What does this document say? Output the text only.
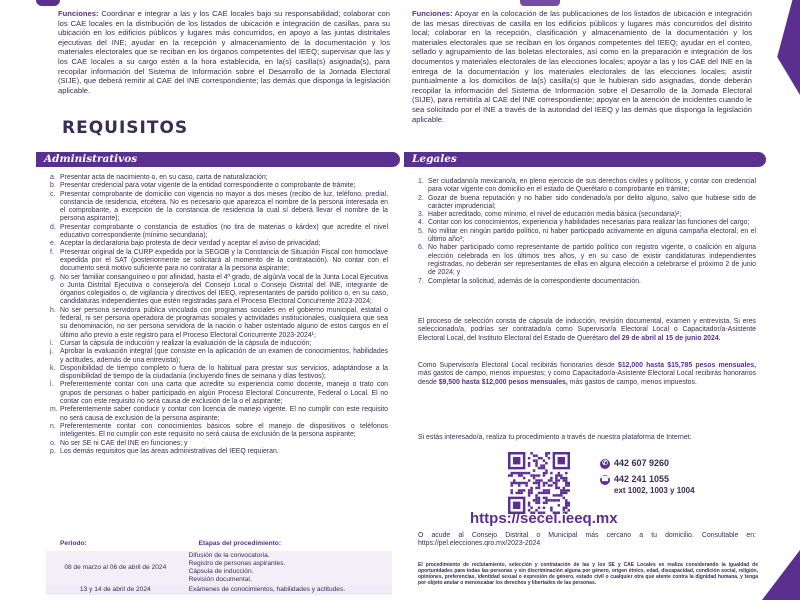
Funciones: Coordinar e integrar a las y los CAE locales bajo su responsabilidad; colaborar con los CAE locales en la distribución de los listados de ubicación e integración de casillas, para su ubicación en los edificios públicos y lugares más concurridos, en apoyo a las juntas distritales ejecutivas del INE; ayudar en la recepción y almacenamiento de la documentación y los materiales electorales que se reciban en los órganos competentes del IEEQ; supervisar que las y los CAE locales a su cargo estén a la hora establecida, en la(s) casilla(s) asignada(s), para recopilar información del Sistema de Información sobre el Desarrollo de la Jornada Electoral (SIJE), que deberá remitir al CAE del INE correspondiente; las demás que disponga la legislación aplicable.
Funciones: Apoyar en la colocación de las publicaciones de los listados de ubicación e integración de las mesas directivas de casilla en los edificios públicos y lugares más concurridos del distrito local; colaborar en la recepción, clasificación y almacenamiento de la documentación y los materiales electorales que se reciban en los órganos competentes del IEEQ; ayudar en el conteo, sellado y agrupamiento de las boletas electorales, así como en la preparación e integración de los documentos y materiales electorales de las elecciones locales; apoyar a las y los CAE del INE en la entrega de la documentación y los materiales electorales de las elecciones locales; asistir puntualmente a los domicilios de la(s) casilla(s) que le hubieran sido asignadas, donde deberán recopilar la información del Sistema de Información sobre el Desarrollo de la Jornada Electoral (SIJE), para remitirla al CAE del INE correspondiente; apoyar en la atención de incidentes cuando le sea solicitado por el INE a través de la autoridad del IEEQ y las demás que disponga la legislación aplicable.
REQUISITOS
Administrativos	Legales
a. Presentar acta de nacimiento o, en su caso, carta de naturalización;
b. Presentar credencial para votar vigente de la entidad correspondiente o comprobante de trámite;
c. Presentar comprobante de domicilio con vigencia no mayor a dos meses (recibo de luz, teléfono, predial, constancia de residencia, etcétera. No es necesario que aparezca el nombre de la persona interesada en el comprobante, a excepción de la constancia de residencia la cual sí deberá llevar el nombre de la persona aspirante);
d. Presentar comprobante o constancia de estudios (no tira de materias o kárdex) que acredite el nivel educativo correspondiente (mínimo secundaria);
e. Aceptar la declaratoria bajo protesta de decir verdad y aceptar el aviso de privacidad;
f. Presentar original de la CURP expedida por la SEGOB y la Constancia de Situación Fiscal con homoclave expedida por el SAT (posteriormente se solicitará al momento de la contratación). No contar con el documento será motivo suficiente para no contratar a la persona aspirante;
g. No ser familiar consanguíneo o por afinidad, hasta el 4º grado, de algún/a vocal de la Junta Local Ejecutiva o Junta Distrital Ejecutiva o consejero/a del Consejo Local o Consejo Distrital del INE, integrante de órganos colegiados o, de vigilancia y directivos del IEEQ, representantes de partido político o, en su caso, candidaturas independientes que estén registradas para el Proceso Electoral Concurrente 2023-2024;
h. No ser persona servidora pública vinculada con programas sociales en el gobierno municipal, estatal o federal, ni ser persona operadora de programas sociales y actividades institucionales, cualquiera que sea su denominación, no ser persona servidora de la nación o haber ostentado alguno de estos cargos en el último año previo a este registro para el Proceso Electoral Concurrente 2023-2024¹;
i. Cursar la cápsula de inducción y realizar la evaluación de la cápsula de inducción;
j. Aprobar la evaluación integral (que consiste en la aplicación de un examen de conocimientos, habilidades y actitudes, además de una entrevista);
k. Disponibilidad de tiempo completo o fuera de lo habitual para prestar sus servicios, adaptándose a la disponibilidad de tiempo de la ciudadanía (incluyendo fines de semana y días festivos);
l. Preferentemente contar con una carta que acredite su experiencia como docente, manejo o trato con grupos de personas o haber participado en algún Proceso Electoral Concurrente, Federal o Local. El no contar con este requisito no será causa de exclusión de la o el aspirante;
m. Preferentemente saber conducir y contar con licencia de manejo vigente. El no cumplir con este requisito no será causa de exclusión de la persona aspirante;
n. Preferentemente contar con conocimientos básicos sobre el manejo de dispositivos o teléfonos inteligentes. El no cumplir con este requisito no será causa de exclusión de la persona aspirante;
o. No ser SE ni CAE del INE en funciones; y
p. Los demás requisitos que las áreas administrativas del IEEQ requieran.
1. Ser ciudadano/a mexicano/a, en pleno ejercicio de sus derechos civiles y políticos, y contar con credencial para votar vigente con domicilio en el estado de Querétaro o comprobante en trámite;
2. Gozar de buena reputación y no haber sido condenado/a por delito alguno, salvo que hubiese sido de carácter imprudencial;
3. Haber acreditado, como mínimo, el nivel de educación media básica (secundaria)²;
4. Contar con los conocimientos, experiencia y habilidades necesarias para realizar las funciones del cargo;
5. No militar en ningún partido político, ni haber participado activamente en alguna campaña electoral, en el último año³;
6. No haber participado como representante de partido político con registro vigente, o coalición en alguna elección celebrada en los últimos tres años, y en su caso de existir candidaturas independientes registradas, no deberán ser representantes de ellas en alguna elección a celebrarse el próximo 2 de junio de 2024; y
7. Completar la solicitud, además de la correspondiente documentación.
El proceso de selección consta de cápsula de inducción, revisión documental, examen y entrevista. Si eres seleccionado/a, podrías ser contratado/a como Supervisor/a Electoral Local o Capacitador/a-Asistente Electoral Local, del Instituto Electoral del Estado de Querétaro del 29 de abril al 15 de junio 2024.
Como Supervisor/a Electoral Local recibirás honorarios desde $12,000 hasta $15,785 pesos mensuales, más gastos de campo, menos impuestos; y como Capacitador/a-Asistente Electoral Local recibirás honorarios desde $9,500 hasta $12,000 pesos mensuales, más gastos de campo, menos impuestos.
Si estás interesado/a, realiza tu procedimiento a través de nuestra plataforma de Internet:
✆ 442 607 9260
☎ 442 241 1055
ext 1002, 1003 y 1004
https://secel.ieeq.mx
O acude al Consejo Distrital o Municipal más cercano a tu domicilio. Consultable en: https://pel.elecciones.qro.mx/2023-2024
Periodo:	Etapas del procedimiento:
08 de marzo al 06 de abril de 2024	Difusión de la convocatoria.
Registro de personas aspirantes.
Cápsula de inducción.
Revisión documental.

13 y 14 de abril de 2024	Exámenes de conocimientos, habilidades y actitudes.
El procedimiento de reclutamiento, selección y contratación de las y los SE y CAE Locales se realiza considerando la igualdad de oportunidades para todas las personas y sin discriminación alguna por género, origen étnico, edad, discapacidad, condición social, religión, opiniones, preferencias, identidad sexual o expresión de género, estado civil o cualquier otra que atente contra la dignidad humana, y tenga por objeto anular o menoscabar los derechos y libertades de las personas.
